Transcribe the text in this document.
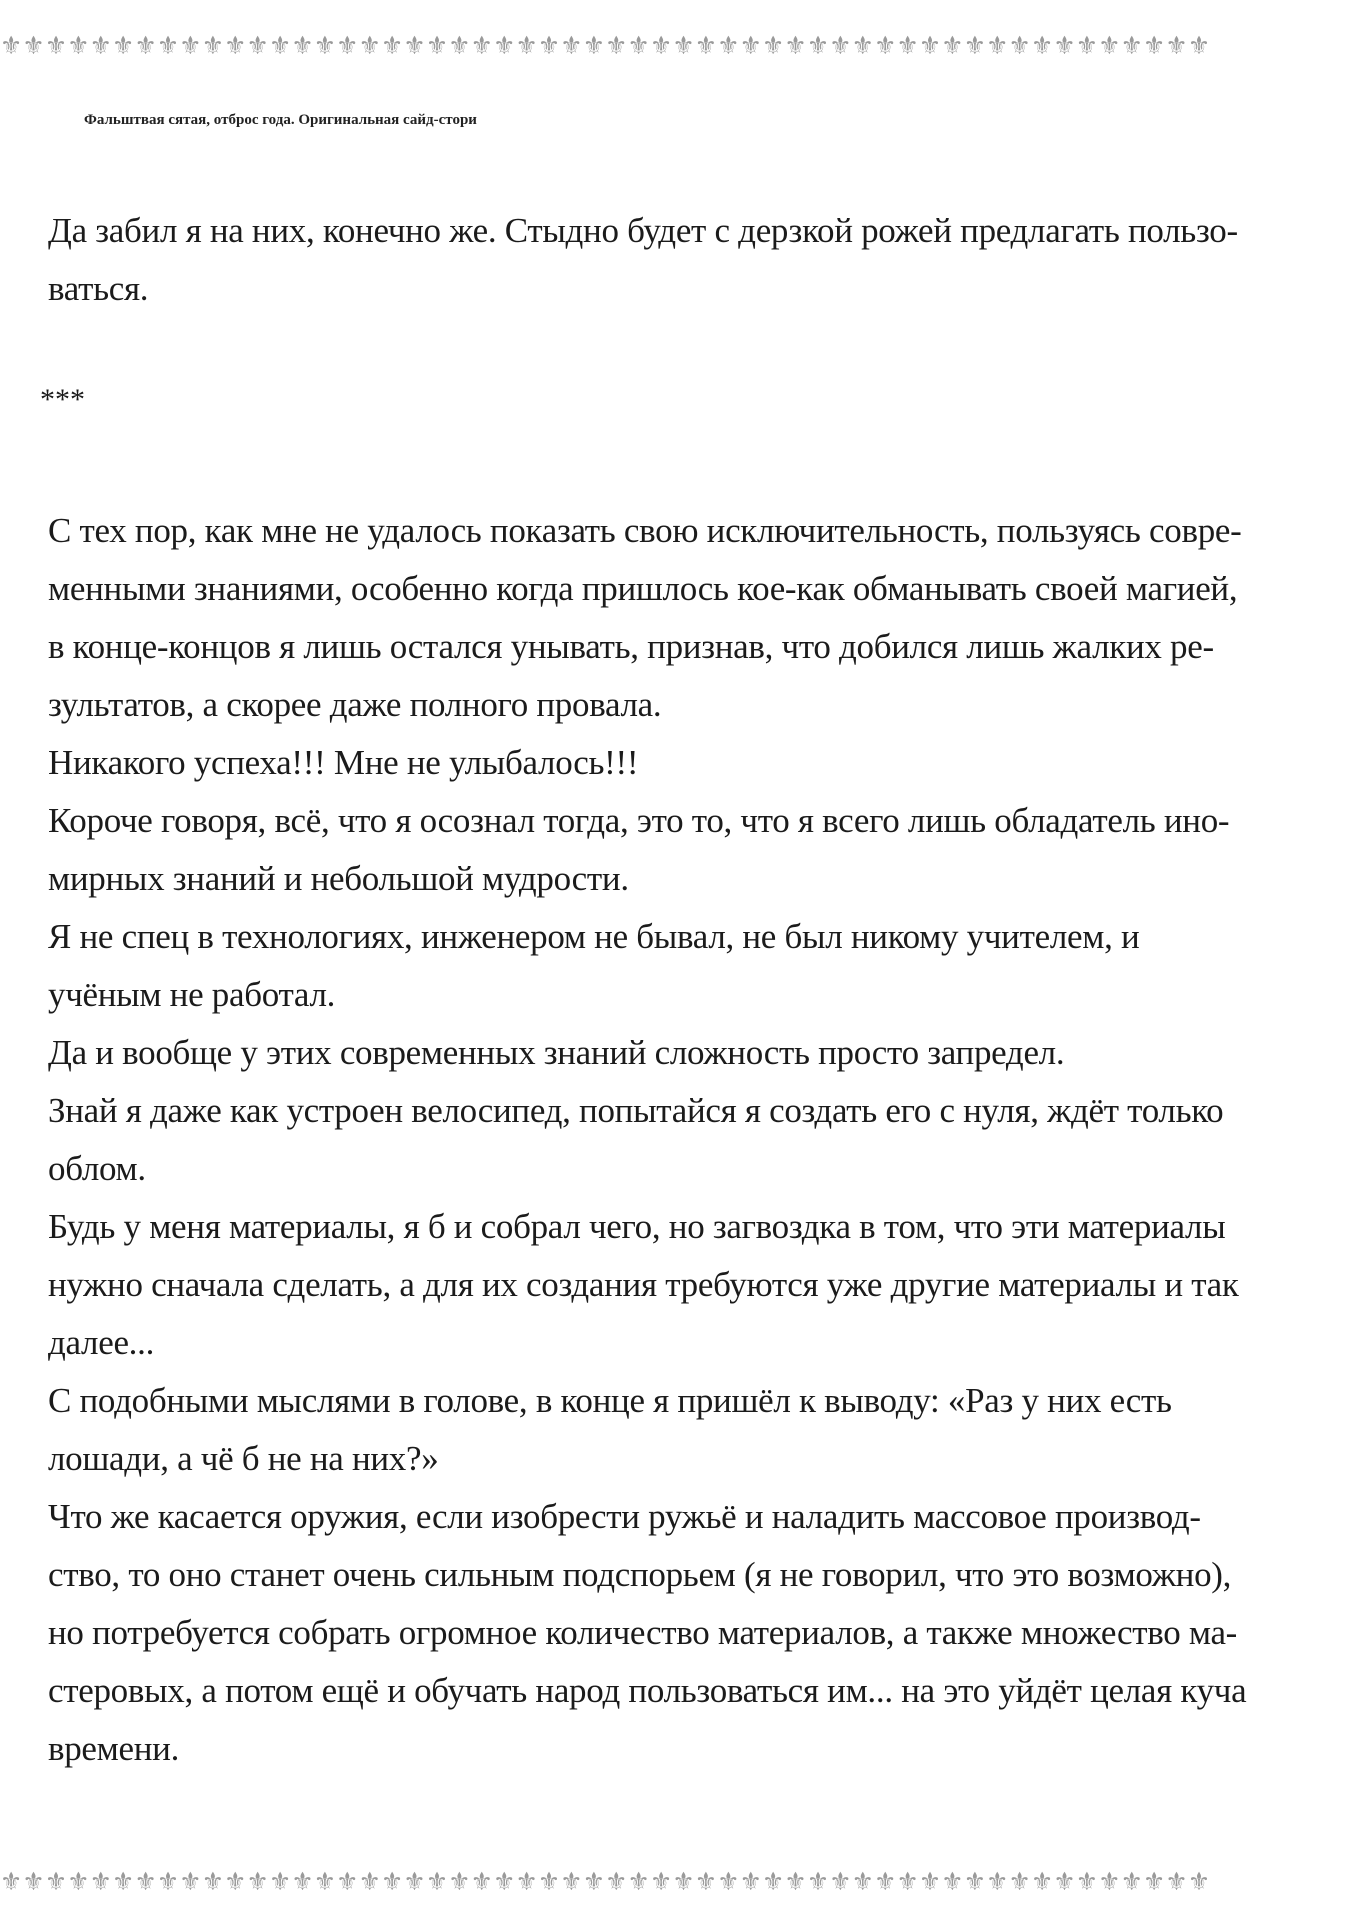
⚜⚜⚜⚜⚜⚜⚜⚜⚜⚜⚜⚜⚜⚜⚜⚜⚜⚜⚜⚜⚜⚜⚜⚜⚜⚜⚜⚜⚜⚜⚜⚜⚜⚜⚜⚜⚜⚜⚜⚜⚜⚜⚜⚜⚜⚜⚜⚜⚜⚜⚜⚜⚜⚜

Фальштвая сятая, отброс года. Оригинальная сайд-стори

Да забил я на них, конечно же. Стыдно будет с дерзкой рожей предлагать пользо-
ваться.

***

С тех пор, как мне не удалось показать свою исключительность, пользуясь совре-
менными знаниями, особенно когда пришлось кое-как обманывать своей магией,
в конце-концов я лишь остался унывать, признав, что добился лишь жалких ре-
зультатов, а скорее даже полного провала.
Никакого успеха!!! Мне не улыбалось!!!
Короче говоря, всё, что я осознал тогда, это то, что я всего лишь обладатель ино-
мирных знаний и небольшой мудрости.
Я не спец в технологиях, инженером не бывал, не был никому учителем, и
учёным не работал.
Да и вообще у этих современных знаний сложность просто запредел.
Знай я даже как устроен велосипед, попытайся я создать его с нуля, ждёт только
облом.
Будь у меня материалы, я б и собрал чего, но загвоздка в том, что эти материалы
нужно сначала сделать, а для их создания требуются уже другие материалы и так
далее...
С подобными мыслями в голове, в конце я пришёл к выводу: «Раз у них есть
лошади, а чё б не на них?»
Что же касается оружия, если изобрести ружьё и наладить массовое производ-
ство, то оно станет очень сильным подспорьем (я не говорил, что это возможно),
но потребуется собрать огромное количество материалов, а также множество ма-
стеровых, а потом ещё и обучать народ пользоваться им... на это уйдёт целая куча
времени.

⚜⚜⚜⚜⚜⚜⚜⚜⚜⚜⚜⚜⚜⚜⚜⚜⚜⚜⚜⚜⚜⚜⚜⚜⚜⚜⚜⚜⚜⚜⚜⚜⚜⚜⚜⚜⚜⚜⚜⚜⚜⚜⚜⚜⚜⚜⚜⚜⚜⚜⚜⚜⚜⚜
